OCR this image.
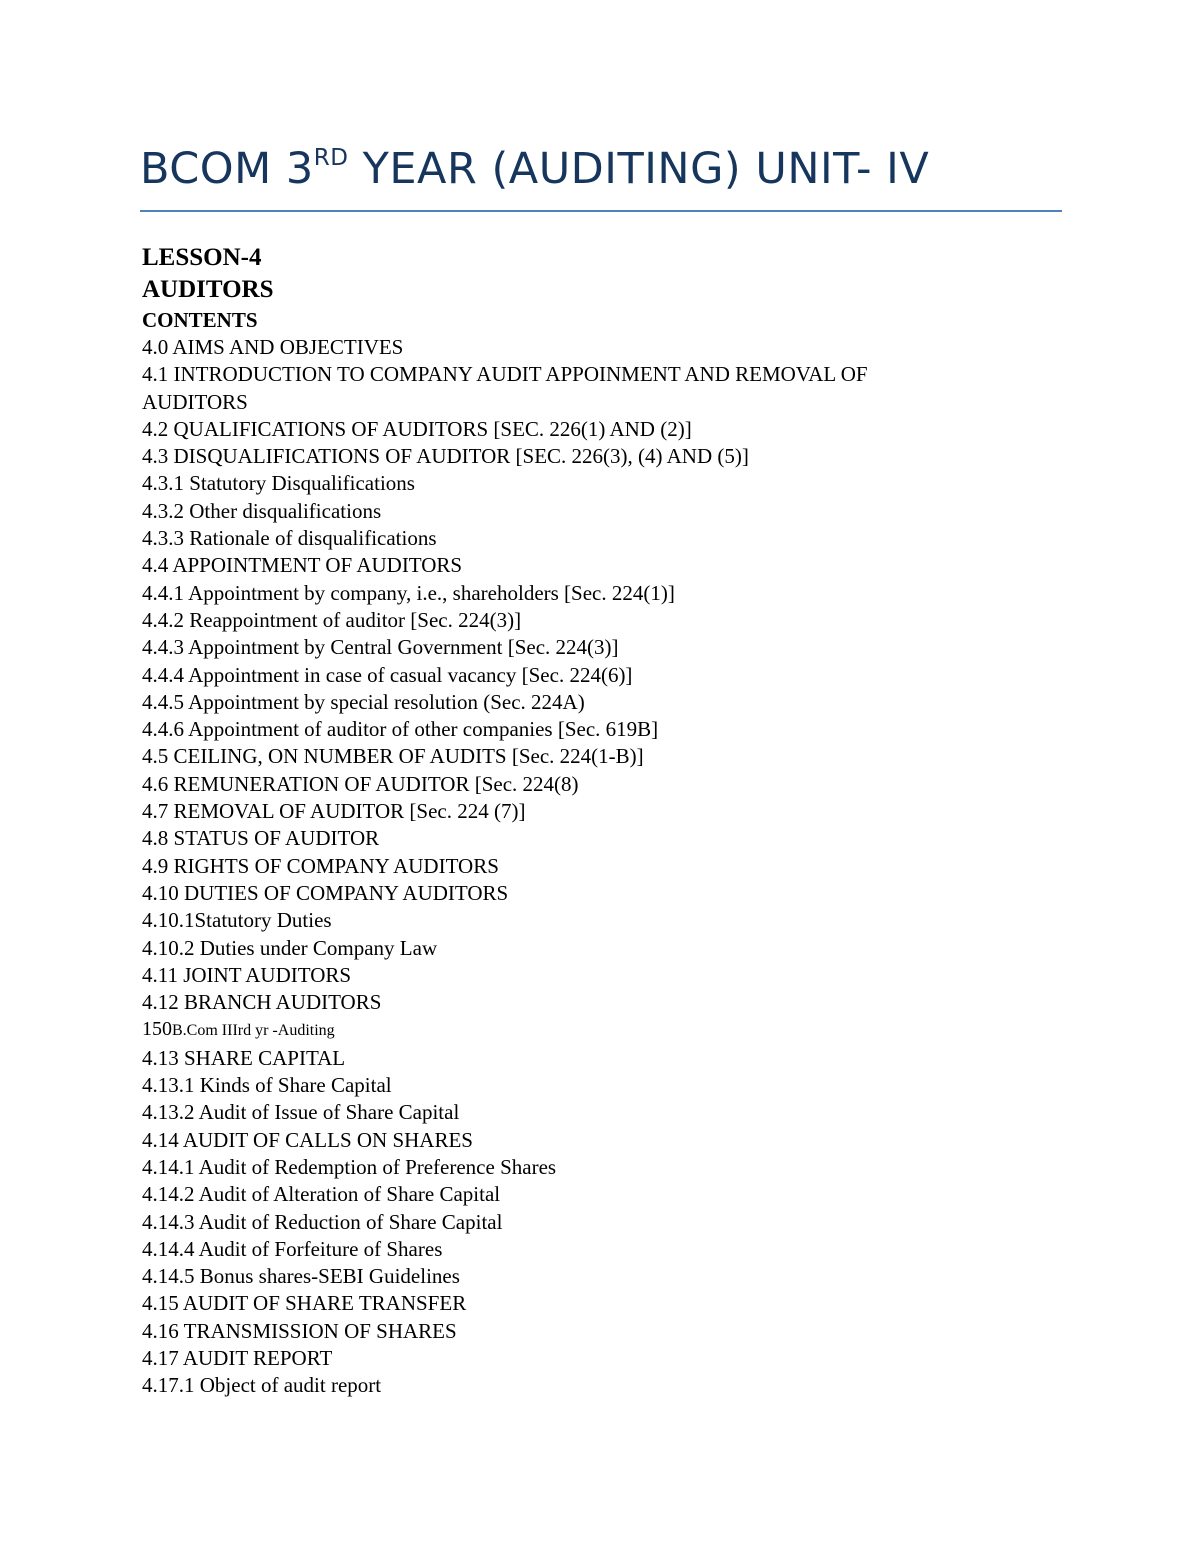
BCOM 3RD YEAR (AUDITING) UNIT- IV
LESSON-4
AUDITORS
CONTENTS
4.0 AIMS AND OBJECTIVES
4.1 INTRODUCTION TO COMPANY AUDIT APPOINMENT AND REMOVAL OF AUDITORS
4.2 QUALIFICATIONS OF AUDITORS [SEC. 226(1) AND (2)]
4.3 DISQUALIFICATIONS OF AUDITOR [SEC. 226(3), (4) AND (5)]
4.3.1 Statutory Disqualifications
4.3.2 Other disqualifications
4.3.3 Rationale of disqualifications
4.4 APPOINTMENT OF AUDITORS
4.4.1 Appointment by company, i.e., shareholders [Sec. 224(1)]
4.4.2 Reappointment of auditor [Sec. 224(3)]
4.4.3 Appointment by Central Government [Sec. 224(3)]
4.4.4 Appointment in case of casual vacancy [Sec. 224(6)]
4.4.5 Appointment by special resolution (Sec. 224A)
4.4.6 Appointment of auditor of other companies [Sec. 619B]
4.5 CEILING, ON NUMBER OF AUDITS [Sec. 224(1-B)]
4.6 REMUNERATION OF AUDITOR [Sec. 224(8)
4.7 REMOVAL OF AUDITOR [Sec. 224 (7)]
4.8 STATUS OF AUDITOR
4.9 RIGHTS OF COMPANY AUDITORS
4.10 DUTIES OF COMPANY AUDITORS
4.10.1Statutory Duties
4.10.2 Duties under Company Law
4.11 JOINT AUDITORS
4.12 BRANCH AUDITORS
150B.Com IIIrd yr -Auditing
4.13 SHARE CAPITAL
4.13.1 Kinds of Share Capital
4.13.2 Audit of Issue of Share Capital
4.14 AUDIT OF CALLS ON SHARES
4.14.1 Audit of Redemption of Preference Shares
4.14.2 Audit of Alteration of Share Capital
4.14.3 Audit of Reduction of Share Capital
4.14.4 Audit of Forfeiture of Shares
4.14.5 Bonus shares-SEBI Guidelines
4.15 AUDIT OF SHARE TRANSFER
4.16 TRANSMISSION OF SHARES
4.17 AUDIT REPORT
4.17.1 Object of audit report
